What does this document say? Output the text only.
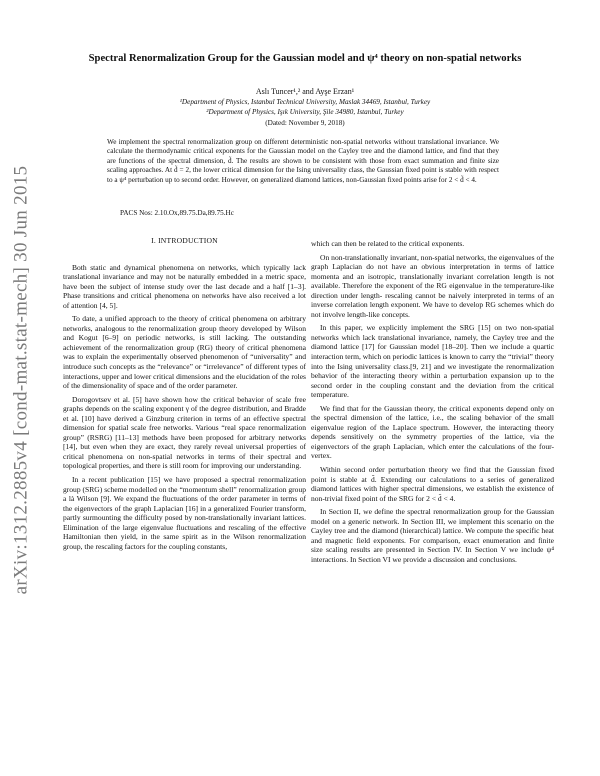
arXiv:1312.2885v4 [cond-mat.stat-mech] 30 Jun 2015
Spectral Renormalization Group for the Gaussian model and ψ⁴ theory on non-spatial networks
Aslı Tuncer¹,² and Ayşe Erzan¹
¹Department of Physics, Istanbul Technical University, Maslak 34469, Istanbul, Turkey
²Department of Physics, Işık University, Şile 34980, Istanbul, Turkey
(Dated: November 9, 2018)
We implement the spectral renormalization group on different deterministic non-spatial networks without translational invariance. We calculate the thermodynamic critical exponents for the Gaussian model on the Cayley tree and the diamond lattice, and find that they are functions of the spectral dimension, d̃. The results are shown to be consistent with those from exact summation and finite size scaling approaches. At d̃ = 2, the lower critical dimension for the Ising universality class, the Gaussian fixed point is stable with respect to a ψ⁴ perturbation up to second order. However, on generalized diamond lattices, non-Gaussian fixed points arise for 2 < d̃ < 4.
PACS Nos: 2.10.Ox,89.75.Da,89.75.Hc
I. INTRODUCTION

Both static and dynamical phenomena on networks, which typically lack translational invariance and may not be naturally embedded in a metric space, have been the subject of intense study over the last decade and a half [1–3]. Phase transitions and critical phenomena on networks have also received a lot of attention [4, 5].

To date, a unified approach to the theory of critical phenomena on arbitrary networks, analogous to the renormalization group theory developed by Wilson and Kogut [6–9] on periodic networks, is still lacking. The outstanding achievement of the renormalization group (RG) theory of critical phenomena was to explain the experimentally observed phenomenon of “universality” and introduce such concepts as the “relevance” or “irrelevance” of different types of interactions, upper and lower critical dimensions and the elucidation of the roles of the dimensionality of space and of the order parameter.

Dorogovtsev et al. [5] have shown how the critical behavior of scale free graphs depends on the scaling exponent γ of the degree distribution, and Bradde et al. [10] have derived a Ginzburg criterion in terms of an effective spectral dimension for spatial scale free networks. Various “real space renormalization group” (RSRG) [11–13] methods have been proposed for arbitrary networks [14], but even when they are exact, they rarely reveal universal properties of critical phenomena on non-spatial networks in terms of their spectral and topological properties, and there is still room for improving our understanding.

In a recent publication [15] we have proposed a spectral renormalization group (SRG) scheme modelled on the “momentum shell” renormalization group a là Wilson [9]. We expand the fluctuations of the order parameter in terms of the eigenvectors of the graph Laplacian [16] in a generalized Fourier transform, partly surmounting the difficulty posed by non-translationally invariant lattices. Elimination of the large eigenvalue fluctuations and rescaling of the effective Hamiltonian then yield, in the same spirit as in the Wilson renormalization group, the rescaling factors for the coupling constants,

which can then be related to the critical exponents.

On non-translationally invariant, non-spatial networks, the eigenvalues of the graph Laplacian do not have an obvious interpretation in terms of lattice momenta and an isotropic, translationally invariant correlation length is not available. Therefore the exponent of the RG eigenvalue in the temperature-like direction under length- rescaling cannot be naively interpreted in terms of an inverse correlation length exponent. We have to develop RG schemes which do not involve length-like concepts.

In this paper, we explicitly implement the SRG [15] on two non-spatial networks which lack translational invariance, namely, the Cayley tree and the diamond lattice [17] for Gaussian model [18–20]. Then we include a quartic interaction term, which on periodic lattices is known to carry the “trivial” theory into the Ising universality class.[9, 21] and we investigate the renormalization behavior of the interacting theory within a perturbation expansion up to the second order in the coupling constant and the deviation from the critical temperature.

We find that for the Gaussian theory, the critical exponents depend only on the spectral dimension of the lattice, i.e., the scaling behavior of the small eigenvalue region of the Laplace spectrum. However, the interacting theory depends sensitively on the symmetry properties of the lattice, via the eigenvectors of the graph Laplacian, which enter the calculations of the four-vertex.

Within second order perturbation theory we find that the Gaussian fixed point is stable at d̃. Extending our calculations to a series of generalized diamond lattices with higher spectral dimensions, we establish the existence of non-trivial fixed point of the SRG for 2 < d̃ < 4.

In Section II, we define the spectral renormalization group for the Gaussian model on a generic network. In Section III, we implement this scenario on the Cayley tree and the diamond (hierarchical) lattice. We compute the specific heat and magnetic field exponents. For comparison, exact enumeration and finite size scaling results are presented in Section IV. In Section V we include ψ⁴ interactions. In Section VI we provide a discussion and conclusions.
